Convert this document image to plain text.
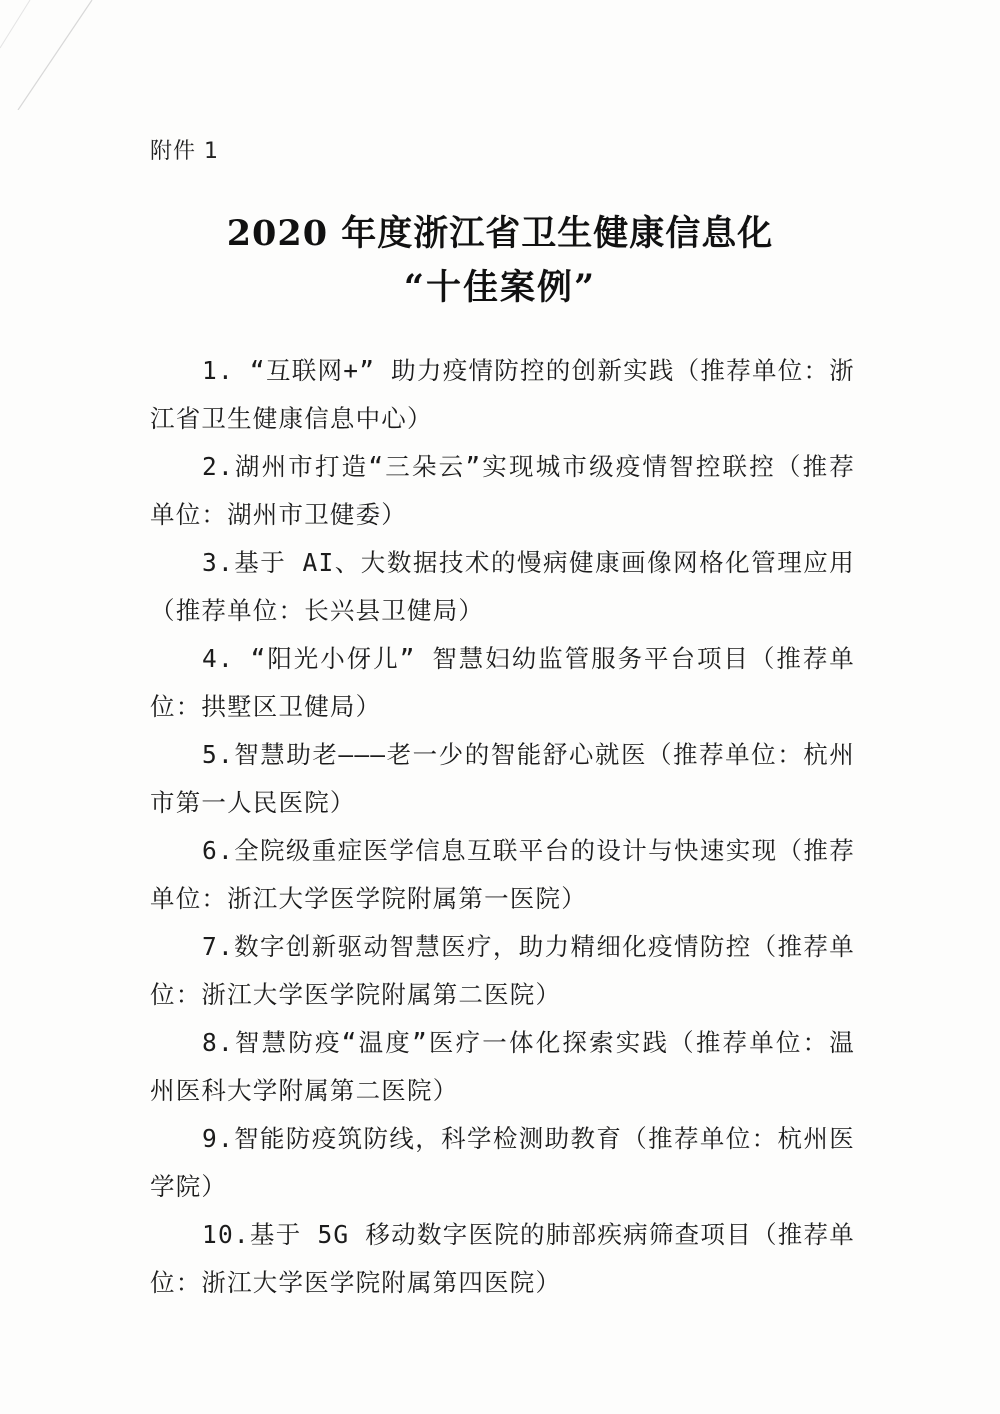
附件 1
2020 年度浙江省卫生健康信息化
“十佳案例”
1. “互联网+” 助力疫情防控的创新实践（推荐单位：浙江省卫生健康信息中心）
2.湖州市打造“三朵云”实现城市级疫情智控联控（推荐单位：湖州市卫健委）
3.基于 AI、大数据技术的慢病健康画像网格化管理应用（推荐单位：长兴县卫健局）
4. “阳光小伢儿” 智慧妇幼监管服务平台项目（推荐单位：拱墅区卫健局）
5.智慧助老———老一少的智能舒心就医（推荐单位：杭州市第一人民医院）
6.全院级重症医学信息互联平台的设计与快速实现（推荐单位：浙江大学医学院附属第一医院）
7.数字创新驱动智慧医疗，助力精细化疫情防控（推荐单位：浙江大学医学院附属第二医院）
8.智慧防疫“温度”医疗一体化探索实践（推荐单位：温州医科大学附属第二医院）
9.智能防疫筑防线，科学检测助教育（推荐单位：杭州医学院）
10.基于 5G 移动数字医院的肺部疾病筛查项目（推荐单位：浙江大学医学院附属第四医院）
